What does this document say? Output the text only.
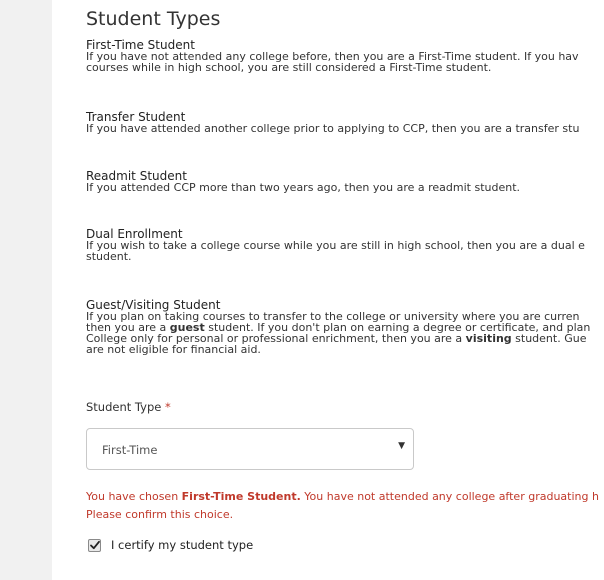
Student Types
First-Time Student
If you have not attended any college before, then you are a First-Time student. If you hav
courses while in high school, you are still considered a First-Time student.
Transfer Student
If you have attended another college prior to applying to CCP, then you are a transfer stu
Readmit Student
If you attended CCP more than two years ago, then you are a readmit student.
Dual Enrollment
If you wish to take a college course while you are still in high school, then you are a dual e
student.
Guest/Visiting Student
If you plan on taking courses to transfer to the college or university where you are curren
then you are a guest student. If you don't plan on earning a degree or certificate, and plan
College only for personal or professional enrichment, then you are a visiting student. Gue
are not eligible for financial aid.
Student Type *
First-Time	▼
You have chosen First-Time Student. You have not attended any college after graduating h
Please confirm this choice.
I certify my student type
